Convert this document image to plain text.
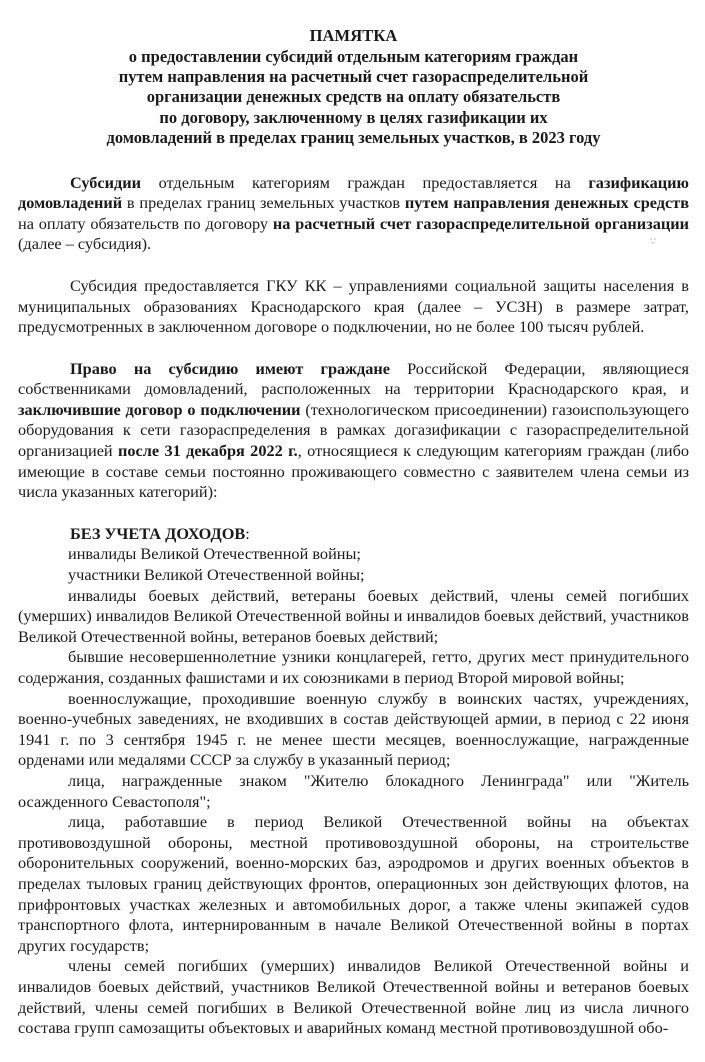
ПАМЯТКА
о предоставлении субсидий отдельным категориям граждан
путем направления на расчетный счет газораспределительной
организации денежных средств на оплату обязательств
по договору, заключенному в целях газификации их
домовладений в пределах границ земельных участков, в 2023 году

Субсидии отдельным категориям граждан предоставляется на газификацию домовладений в пределах границ земельных участков путем направления денежных средств на оплату обязательств по договору на расчетный счет газораспределительной организации (далее – субсидия).

Субсидия предоставляется ГКУ КК – управлениями социальной защиты населения в муниципальных образованиях Краснодарского края (далее – УСЗН) в размере затрат, предусмотренных в заключенном договоре о подключении, но не более 100 тысяч рублей.

Право на субсидию имеют граждане Российской Федерации, являющиеся собственниками домовладений, расположенных на территории Краснодарского края, и заключившие договор о подключении (технологическом присоединении) газоиспользующего оборудования к сети газораспределения в рамках догазификации с газораспределительной организацией после 31 декабря 2022 г., относящиеся к следующим категориям граждан (либо имеющие в составе семьи постоянно проживающего совместно с заявителем члена семьи из числа указанных категорий):

БЕЗ УЧЕТА ДОХОДОВ:

инвалиды Великой Отечественной войны;

участники Великой Отечественной войны;

инвалиды боевых действий, ветераны боевых действий, члены семей погибших (умерших) инвалидов Великой Отечественной войны и инвалидов боевых действий, участников Великой Отечественной войны, ветеранов боевых действий;

бывшие несовершеннолетние узники концлагерей, гетто, других мест принудительного содержания, созданных фашистами и их союзниками в период Второй мировой войны;

военнослужащие, проходившие военную службу в воинских частях, учреждениях, военно-учебных заведениях, не входивших в состав действующей армии, в период с 22 июня 1941 г. по 3 сентября 1945 г. не менее шести месяцев, военнослужащие, награжденные орденами или медалями СССР за службу в указанный период;

лица, награжденные знаком "Жителю блокадного Ленинграда" или "Житель осажденного Севастополя";

лица, работавшие в период Великой Отечественной войны на объектах противовоздушной обороны, местной противовоздушной обороны, на строительстве оборонительных сооружений, военно-морских баз, аэродромов и других военных объектов в пределах тыловых границ действующих фронтов, операционных зон действующих флотов, на прифронтовых участках железных и автомобильных дорог, а также члены экипажей судов транспортного флота, интернированным в начале Великой Отечественной войны в портах других государств;

члены семей погибших (умерших) инвалидов Великой Отечественной войны и инвалидов боевых действий, участников Великой Отечественной войны и ветеранов боевых действий, члены семей погибших в Великой Отечественной войне лиц из числа личного состава групп самозащиты объектовых и аварийных команд местной противовоздушной обо-

∵
